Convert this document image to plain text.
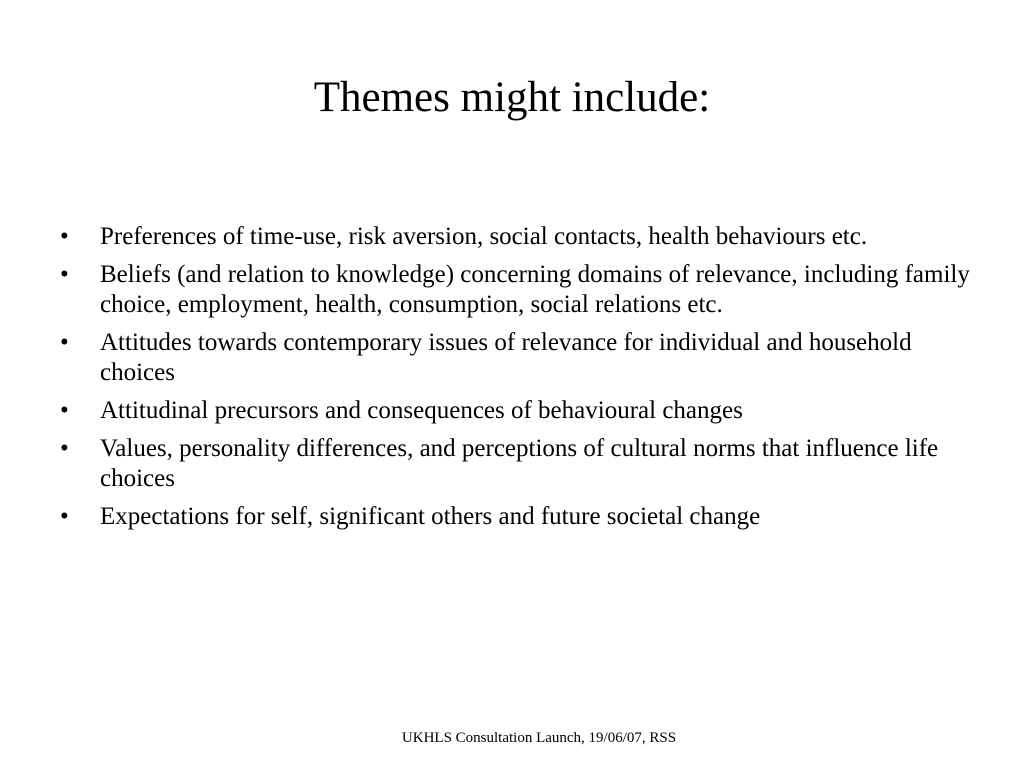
Themes might include:
•	Preferences of time-use, risk aversion, social contacts, health behaviours etc.
•	Beliefs (and relation to knowledge) concerning domains of relevance, including family choice, employment, health, consumption, social relations etc.
•	Attitudes towards contemporary issues of relevance for individual and household choices
•	Attitudinal precursors and consequences of behavioural changes
•	Values, personality differences, and perceptions of cultural norms that influence life choices
•	Expectations for self, significant others and future societal change
UKHLS Consultation Launch, 19/06/07, RSS
